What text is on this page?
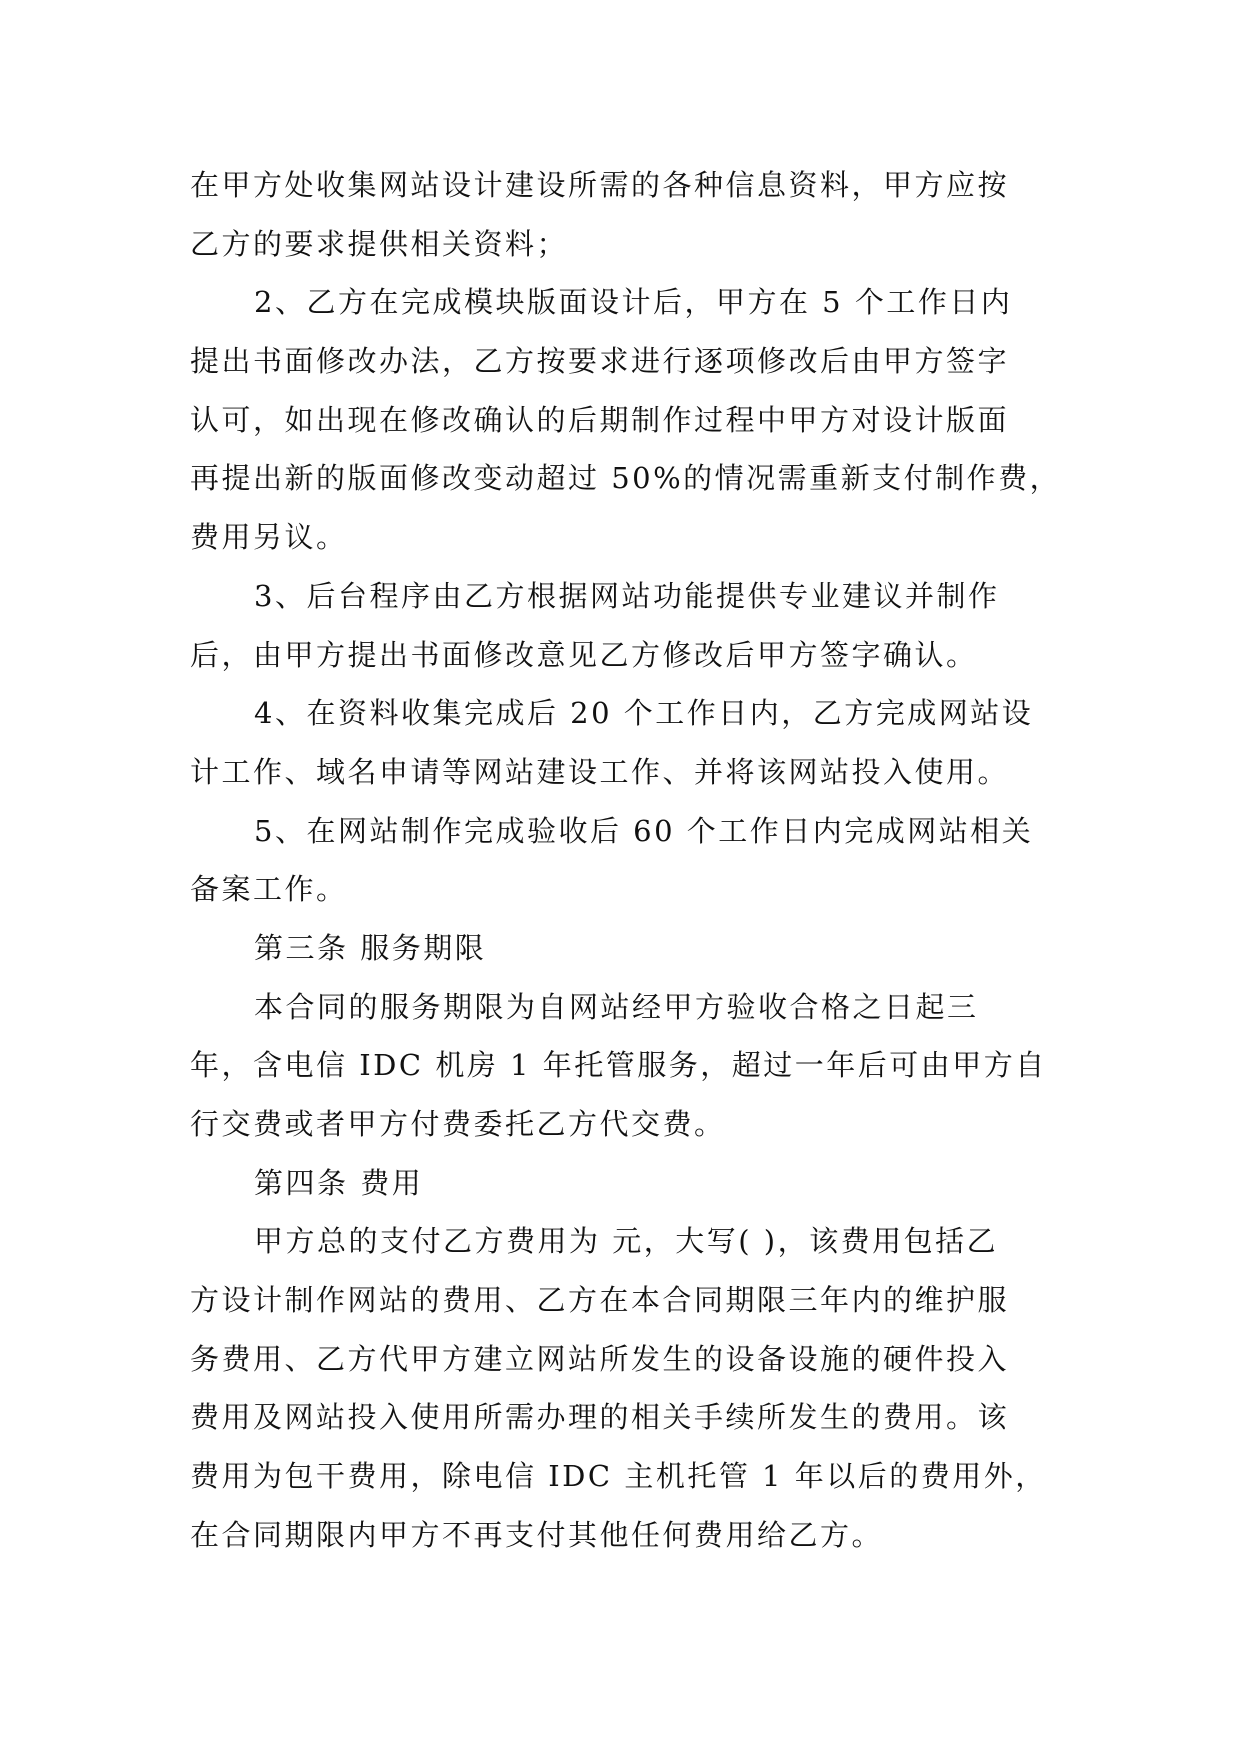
在甲方处收集网站设计建设所需的各种信息资料，甲方应按
乙方的要求提供相关资料；
2、乙方在完成模块版面设计后，甲方在 5 个工作日内
提出书面修改办法，乙方按要求进行逐项修改后由甲方签字
认可，如出现在修改确认的后期制作过程中甲方对设计版面
再提出新的版面修改变动超过 50%的情况需重新支付制作费，
费用另议。
3、后台程序由乙方根据网站功能提供专业建议并制作
后，由甲方提出书面修改意见乙方修改后甲方签字确认。
4、在资料收集完成后 20 个工作日内，乙方完成网站设
计工作、域名申请等网站建设工作、并将该网站投入使用。
5、在网站制作完成验收后 60 个工作日内完成网站相关
备案工作。
第三条 服务期限
本合同的服务期限为自网站经甲方验收合格之日起三
年，含电信 IDC 机房 1 年托管服务，超过一年后可由甲方自
行交费或者甲方付费委托乙方代交费。
第四条 费用
甲方总的支付乙方费用为 元，大写( )，该费用包括乙
方设计制作网站的费用、乙方在本合同期限三年内的维护服
务费用、乙方代甲方建立网站所发生的设备设施的硬件投入
费用及网站投入使用所需办理的相关手续所发生的费用。该
费用为包干费用，除电信 IDC 主机托管 1 年以后的费用外，
在合同期限内甲方不再支付其他任何费用给乙方。
